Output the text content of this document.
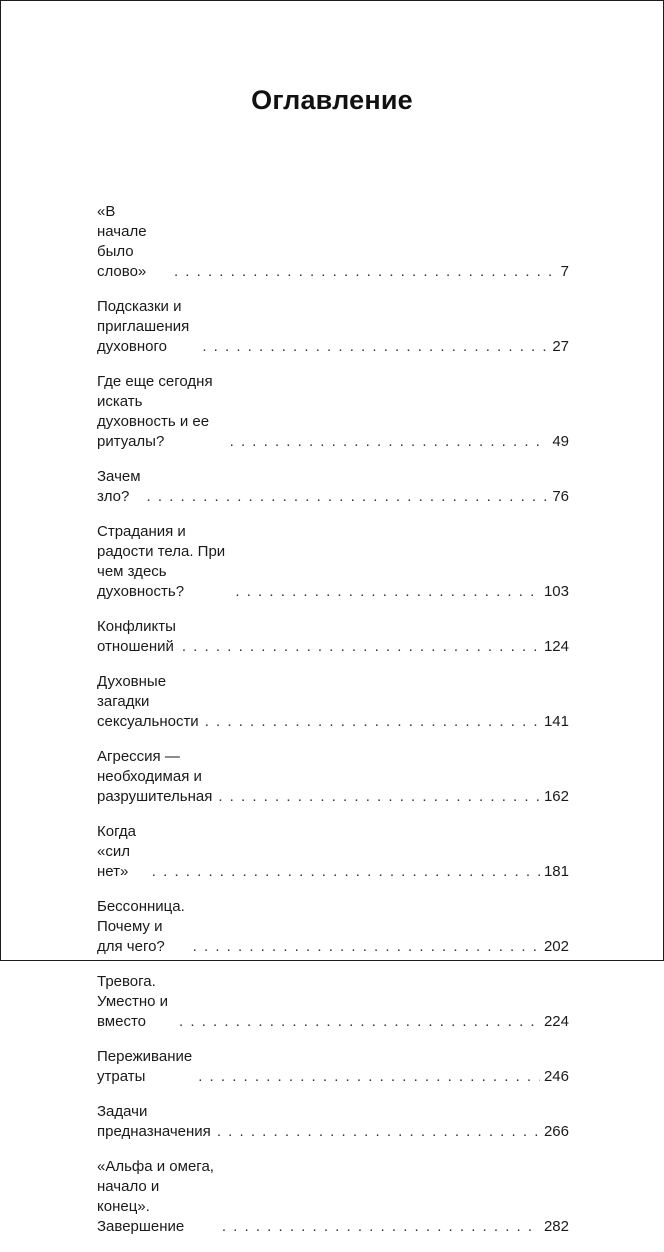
Оглавление
«В начале было слово» . . .	7
Подсказки и приглашения духовного . . .	27
Где еще сегодня искать духовность и ее ритуалы? . . .	49
Зачем зло? . . .	76
Страдания и радости тела. При чем здесь духовность? . . .	103
Конфликты отношений . . .	124
Духовные загадки сексуальности . . .	141
Агрессия — необходимая и разрушительная . . .	162
Когда «сил нет» . . .	181
Бессонница. Почему и для чего? . . .	202
Тревога. Уместно и вместо . . .	224
Переживание утраты . . .	246
Задачи предназначения . . .	266
«Альфа и омега, начало и конец». Завершение . . .	282
